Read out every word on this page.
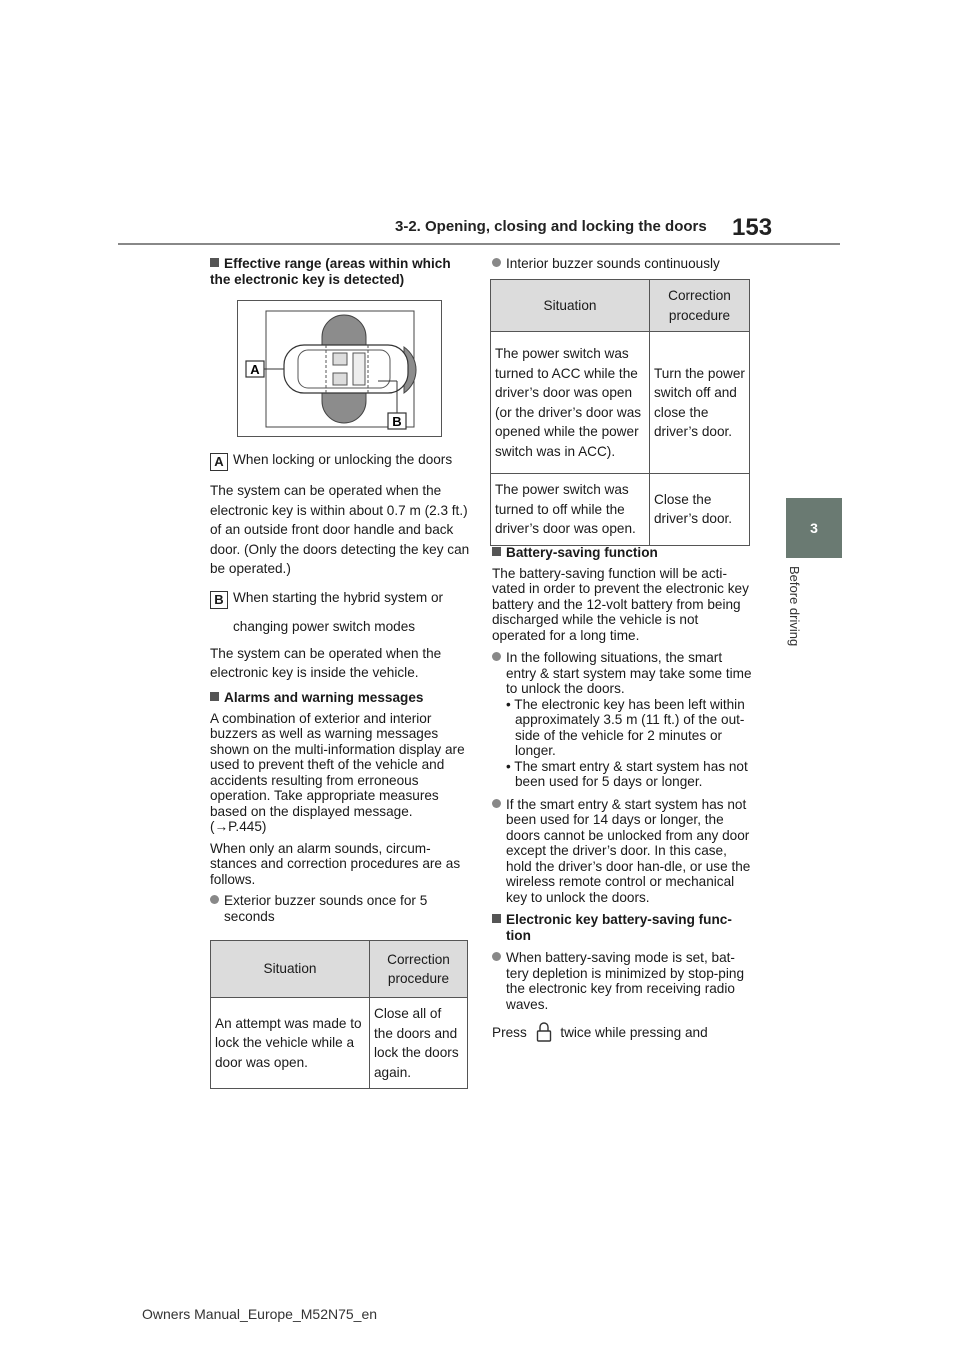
3-2. Opening, closing and locking the doors 153
3
Before driving

Effective range (areas within which the electronic key is detected)

A
B

A When locking or unlocking the doors

The system can be operated when the electronic key is within about 0.7 m (2.3 ft.) of an outside front door handle and back door. (Only the doors detecting the key can be operated.)

B When starting the hybrid system or

changing power switch modes

The system can be operated when the electronic key is inside the vehicle.

Alarms and warning messages

A combination of exterior and interior buzzers as well as warning messages shown on the multi-information display are used to prevent theft of the vehicle and accidents resulting from erroneous operation. Take appropriate measures based on the displayed message.

(→P.445)

When only an alarm sounds, circum-stances and correction procedures are as follows.

Exterior buzzer sounds once for 5 seconds

Situation	Correction procedure
An attempt was made to lock the vehicle while a door was open.	Close all of the doors and lock the doors again.

Interior buzzer sounds continuously

Situation	Correction procedure
The power switch was turned to ACC while the driver’s door was open (or the driver’s door was opened while the power switch was in ACC).	Turn the power switch off and close the driver’s door.
The power switch was turned to off while the driver’s door was open.	Close the driver’s door.

Battery-saving function

The battery-saving function will be acti-vated in order to prevent the electronic key battery and the 12-volt battery from being discharged while the vehicle is not operated for a long time.

In the following situations, the smart entry & start system may take some time to unlock the doors.

• The electronic key has been left within approximately 3.5 m (11 ft.) of the out-side of the vehicle for 2 minutes or longer.

• The smart entry & start system has not been used for 5 days or longer.

If the smart entry & start system has not been used for 14 days or longer, the doors cannot be unlocked from any door except the driver’s door. In this case, hold the driver’s door han-dle, or use the wireless remote control or mechanical key to unlock the doors.

Electronic key battery-saving func-tion

When battery-saving mode is set, bat-tery depletion is minimized by stop-ping the electronic key from receiving radio waves.

Press twice while pressing and

Owners Manual_Europe_M52N75_en
